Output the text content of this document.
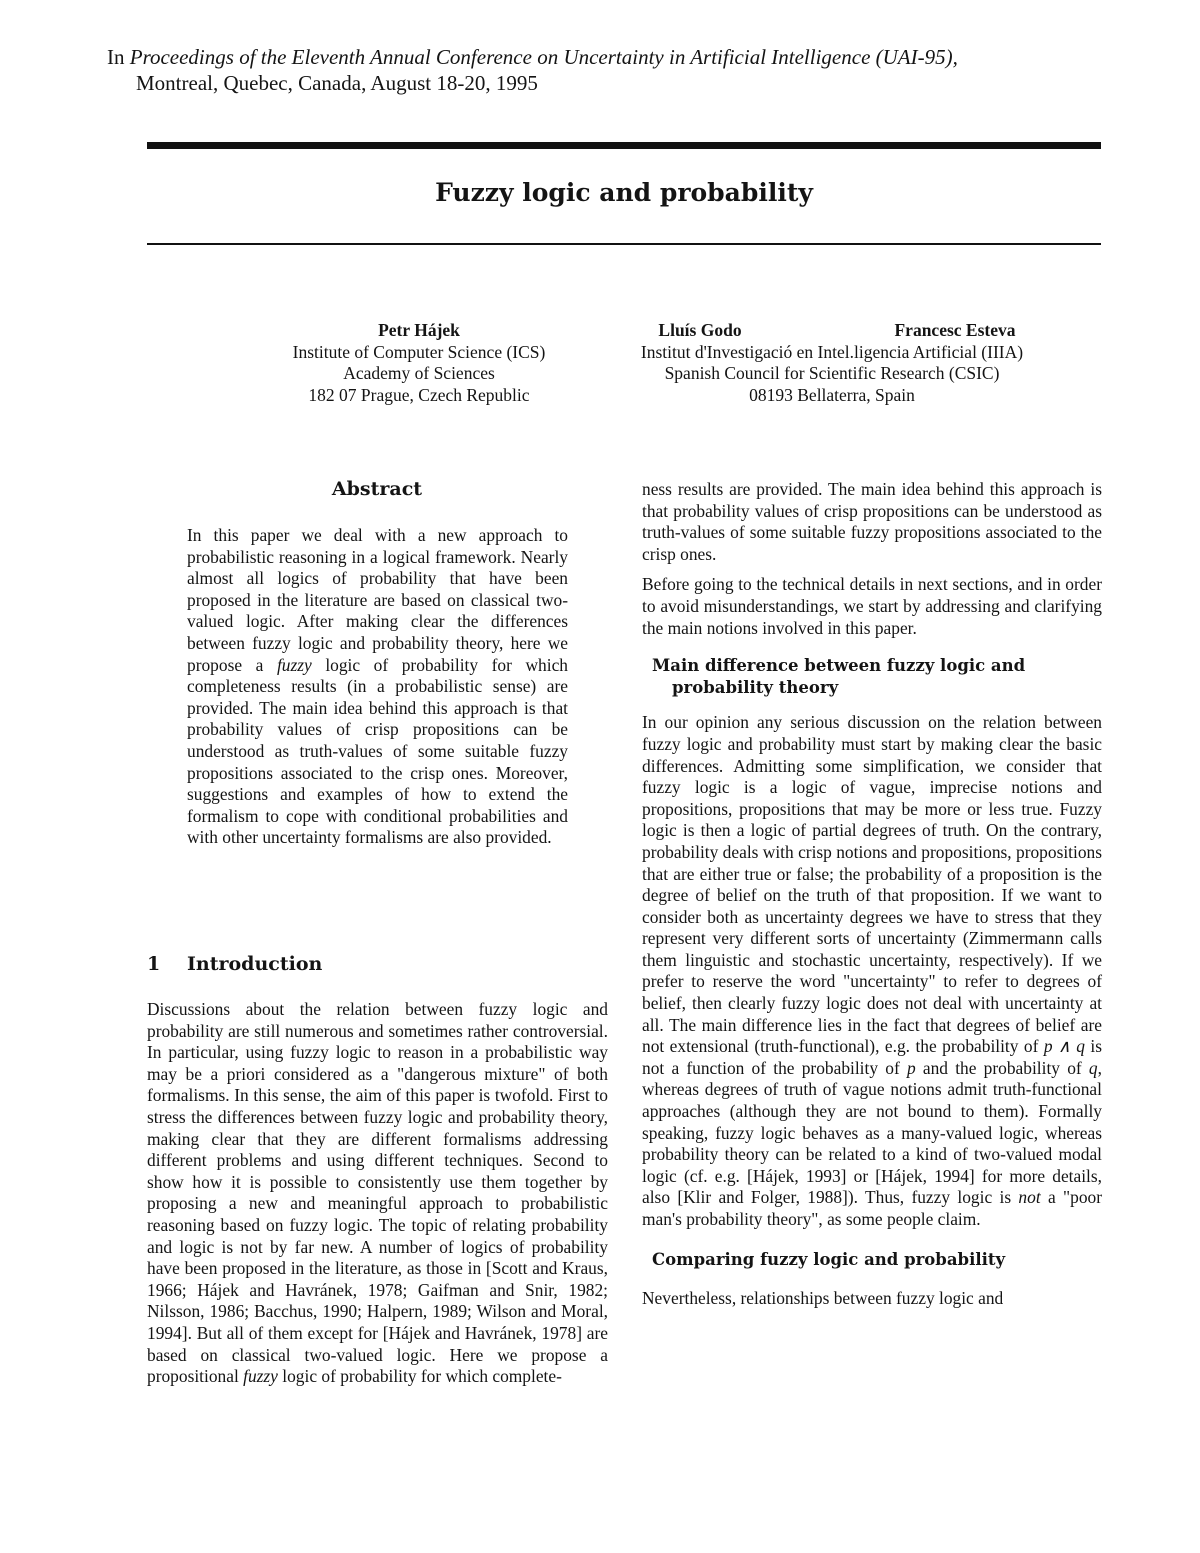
In Proceedings of the Eleventh Annual Conference on Uncertainty in Artificial Intelligence (UAI-95),
Montreal, Quebec, Canada, August 18-20, 1995
Fuzzy logic and probability
Petr Hájek
Institute of Computer Science (ICS)
Academy of Sciences
182 07 Prague, Czech Republic
Lluís Godo	Francesc Esteva
Institut d'Investigació en Intel.ligencia Artificial (IIIA)
Spanish Council for Scientific Research (CSIC)
08193 Bellaterra, Spain
Abstract

In this paper we deal with a new approach to probabilistic reasoning in a logical framework. Nearly almost all logics of probability that have been proposed in the literature are based on classical two-valued logic. After making clear the differences between fuzzy logic and probability theory, here we propose a fuzzy logic of probability for which completeness results (in a probabilistic sense) are provided. The main idea behind this approach is that probability values of crisp propositions can be understood as truth-values of some suitable fuzzy propositions associated to the crisp ones. Moreover, suggestions and examples of how to extend the formalism to cope with conditional probabilities and with other uncertainty formalisms are also provided.

1 Introduction

Discussions about the relation between fuzzy logic and probability are still numerous and sometimes rather controversial. In particular, using fuzzy logic to reason in a probabilistic way may be a priori considered as a "dangerous mixture" of both formalisms. In this sense, the aim of this paper is twofold. First to stress the differences between fuzzy logic and probability theory, making clear that they are different formalisms addressing different problems and using different techniques. Second to show how it is possible to consistently use them together by proposing a new and meaningful approach to probabilistic reasoning based on fuzzy logic. The topic of relating probability and logic is not by far new. A number of logics of probability have been proposed in the literature, as those in [Scott and Kraus, 1966; Hájek and Havránek, 1978; Gaifman and Snir, 1982; Nilsson, 1986; Bacchus, 1990; Halpern, 1989; Wilson and Moral, 1994]. But all of them except for [Hájek and Havránek, 1978] are based on classical two-valued logic. Here we propose a propositional fuzzy logic of probability for which complete-

ness results are provided. The main idea behind this approach is that probability values of crisp propositions can be understood as truth-values of some suitable fuzzy propositions associated to the crisp ones.

Before going to the technical details in next sections, and in order to avoid misunderstandings, we start by addressing and clarifying the main notions involved in this paper.

Main difference between fuzzy logic and probability theory

In our opinion any serious discussion on the relation between fuzzy logic and probability must start by making clear the basic differences. Admitting some simplification, we consider that fuzzy logic is a logic of vague, imprecise notions and propositions, propositions that may be more or less true. Fuzzy logic is then a logic of partial degrees of truth. On the contrary, probability deals with crisp notions and propositions, propositions that are either true or false; the probability of a proposition is the degree of belief on the truth of that proposition. If we want to consider both as uncertainty degrees we have to stress that they represent very different sorts of uncertainty (Zimmermann calls them linguistic and stochastic uncertainty, respectively). If we prefer to reserve the word "uncertainty" to refer to degrees of belief, then clearly fuzzy logic does not deal with uncertainty at all. The main difference lies in the fact that degrees of belief are not extensional (truth-functional), e.g. the probability of p ∧ q is not a function of the probability of p and the probability of q, whereas degrees of truth of vague notions admit truth-functional approaches (although they are not bound to them). Formally speaking, fuzzy logic behaves as a many-valued logic, whereas probability theory can be related to a kind of two-valued modal logic (cf. e.g. [Hájek, 1993] or [Hájek, 1994] for more details, also [Klir and Folger, 1988]). Thus, fuzzy logic is not a "poor man's probability theory", as some people claim.

Comparing fuzzy logic and probability

Nevertheless, relationships between fuzzy logic and
